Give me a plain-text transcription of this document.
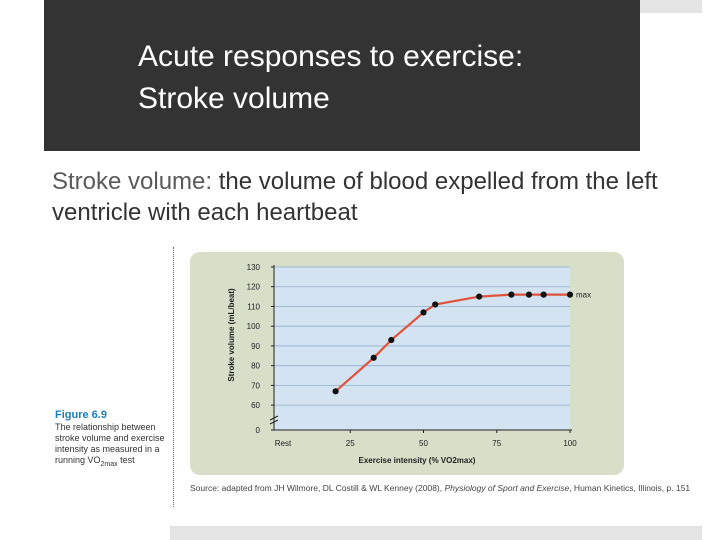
Acute responses to exercise:
Stroke volume
Stroke volume: the volume of blood expelled from the left ventricle with each heartbeat
Figure 6.9
The relationship between stroke volume and exercise intensity as measured in a running $VO_{2max}$ test
0
60
70
80
90
100
110
120
130
Rest	25	50	75	100
Stroke volume (mL/beat)
Exercise intensity (% VO2max)
max
Source: adapted from JH Wilmore, DL Costill & WL Kenney (2008), Physiology of Sport and Exercise, Human Kinetics, Illinois, p. 151
